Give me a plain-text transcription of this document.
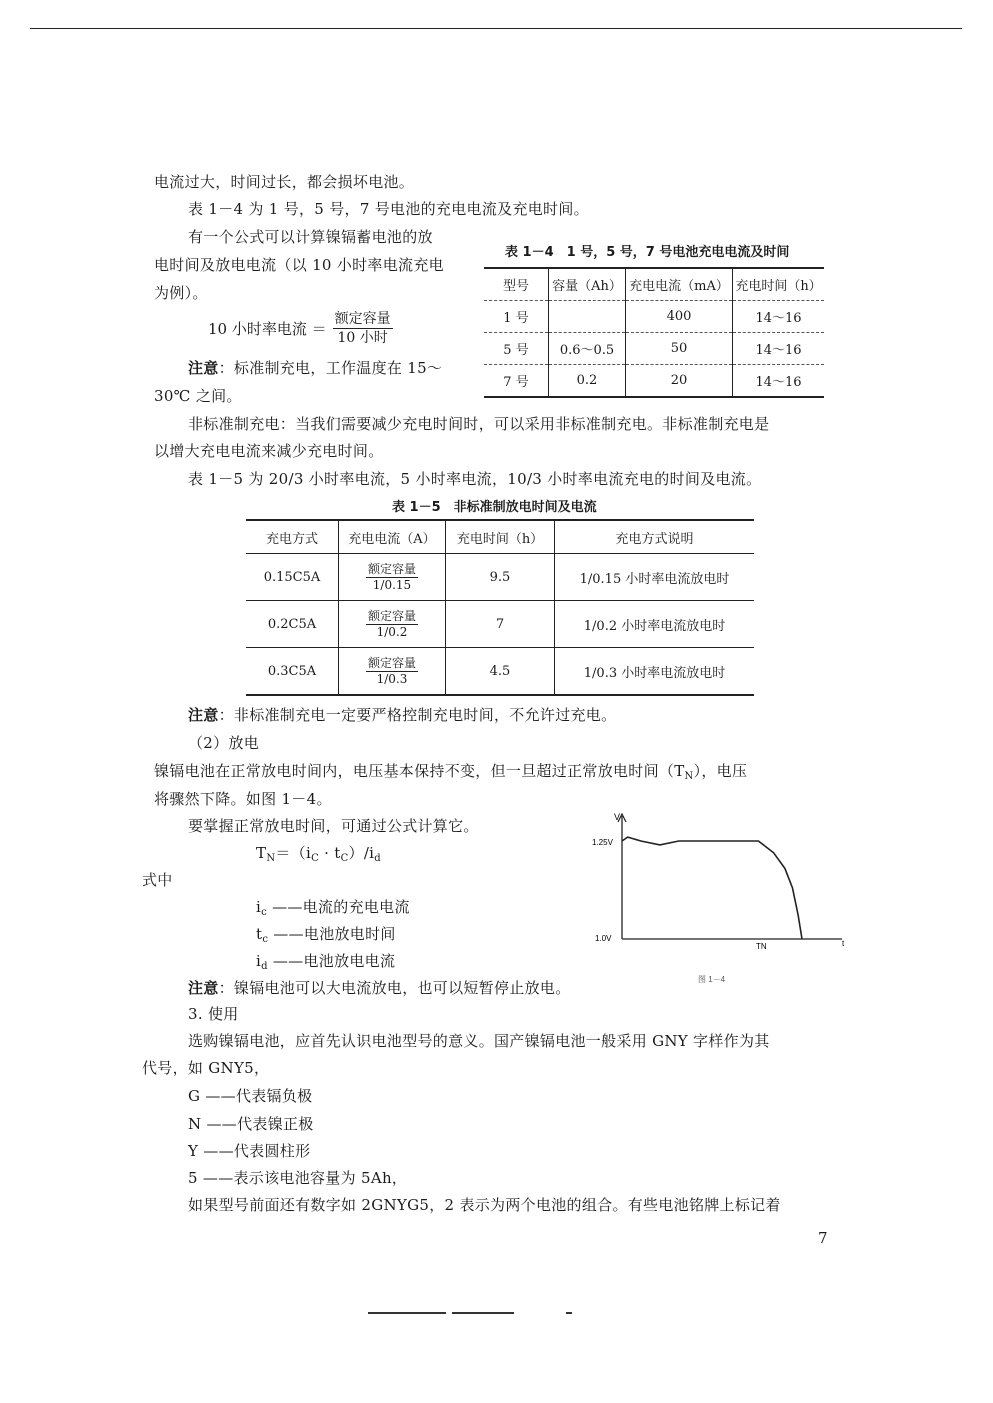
电流过大，时间过长，都会损坏电池。
表 1－4 为 1 号，5 号，7 号电池的充电电流及充电时间。
有一个公式可以计算镍镉蓄电池的放
电时间及放电电流（以 10 小时率电流充电
为例）。
10 小时率电流 ＝ $\frac{\text{额定容量}}{\text{10 小时}}$
注意：标准制充电，工作温度在 15～
30℃ 之间。
表 1－4　1 号，5 号，7 号电池充电电流及时间
型号	容量（Ah）	充电电流（mA）	充电时间（h）
1 号		400	14～16
5 号	0.6～0.5	50	14～16
7 号	0.2	20	14～16
非标准制充电：当我们需要减少充电时间时，可以采用非标准制充电。非标准制充电是
以增大充电电流来减少充电时间。
表 1－5 为 20/3 小时率电流，5 小时率电流，10/3 小时率电流充电的时间及电流。
表 1－5　非标准制放电时间及电流
充电方式	充电电流（A）	充电时间（h）	充电方式说明
0.15C5A	$\frac{\text{额定容量}}{1/0.15}$	9.5	1/0.15 小时率电流放电时
0.2C5A	$\frac{\text{额定容量}}{1/0.2}$	7	1/0.2 小时率电流放电时
0.3C5A	$\frac{\text{额定容量}}{1/0.3}$	4.5	1/0.3 小时率电流放电时
注意：非标准制充电一定要严格控制充电时间，不允许过充电。
（2）放电
镍镉电池在正常放电时间内，电压基本保持不变，但一旦超过正常放电时间$(T_N)$，电压
将骤然下降。如图 1－4。
要掌握正常放电时间，可通过公式计算它。
$T_N=(i_C \cdot t_C)/i_d$
式中
$i_c$ ——电流的充电电流
$t_c$ ——电池放电时间
$i_d$ ——电池放电电流
注意：镍镉电池可以大电流放电，也可以短暂停止放电。
3. 使用
选购镍镉电池，应首先认识电池型号的意义。国产镍镉电池一般采用 GNY 字样作为其
代号，如 GNY5，
G ——代表镉负极
N ——代表镍正极
Y ——代表圆柱形
5 ——表示该电池容量为 5Ah，
如果型号前面还有数字如 2GNYG5，2 表示为两个电池的组合。有些电池铭牌上标记着
7
V
t
1.25V
1.0V
TN
图 1－4
